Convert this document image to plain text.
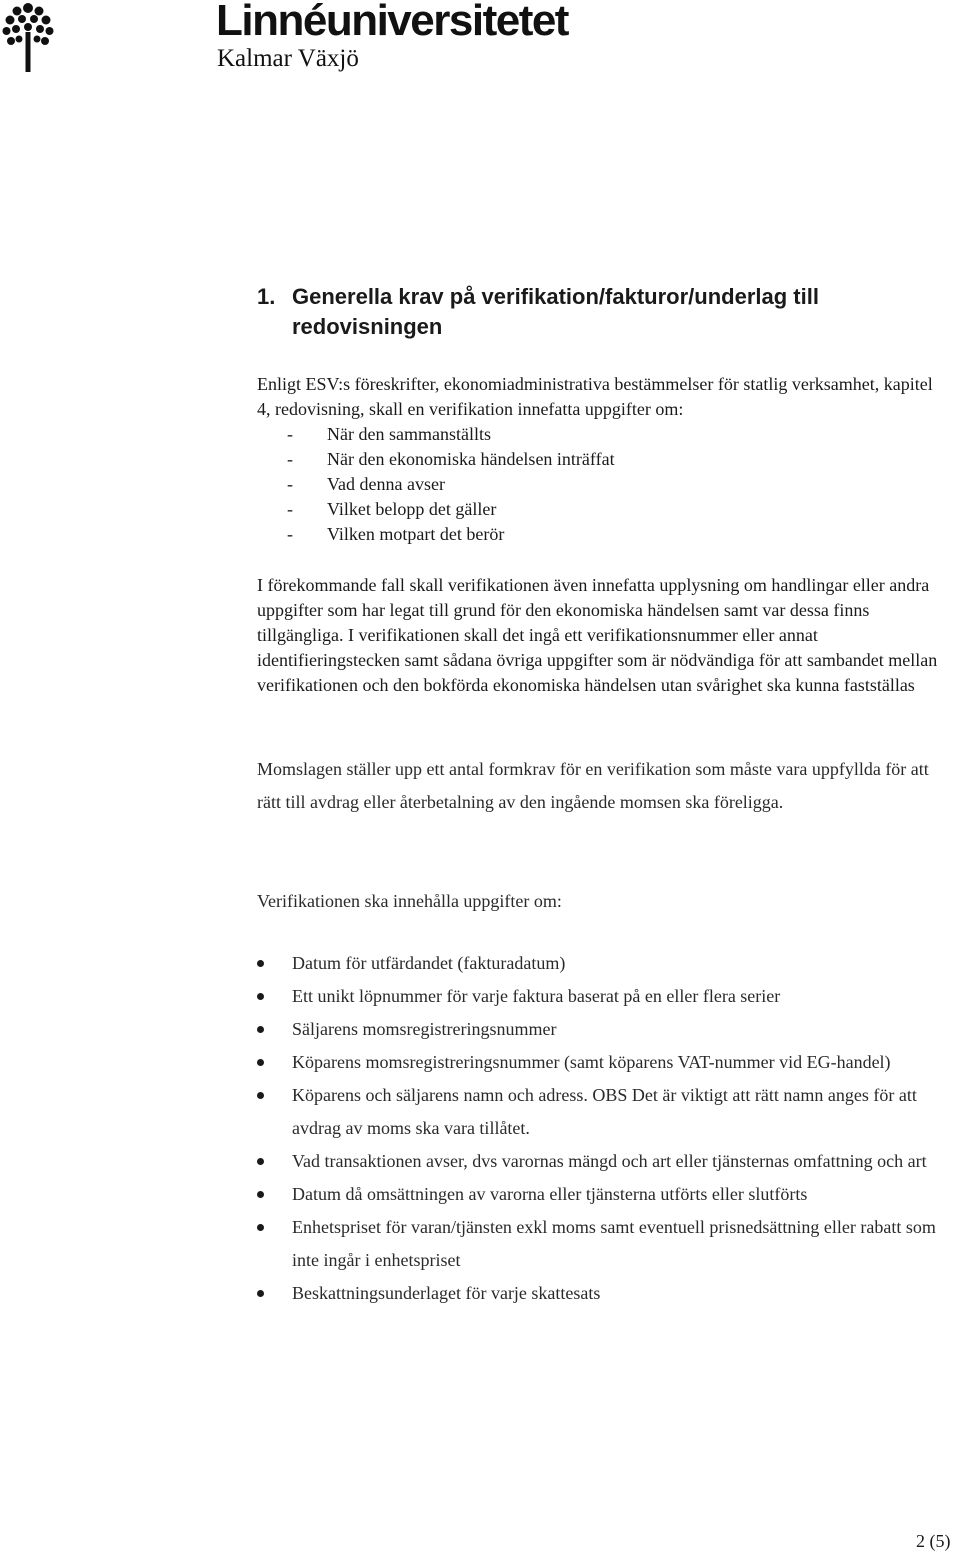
Linnéuniversitetet
Kalmar Växjö
1. Generella krav på verifikation/fakturor/underlag till redovisningen

Enligt ESV:s föreskrifter, ekonomiadministrativa bestämmelser för statlig verksamhet, kapitel 4, redovisning, skall en verifikation innefatta uppgifter om:

- När den sammanställts
- När den ekonomiska händelsen inträffat
- Vad denna avser
- Vilket belopp det gäller
- Vilken motpart det berör

I förekommande fall skall verifikationen även innefatta upplysning om handlingar eller andra uppgifter som har legat till grund för den ekonomiska händelsen samt var dessa finns tillgängliga. I verifikationen skall det ingå ett verifikationsnummer eller annat identifieringstecken samt sådana övriga uppgifter som är nödvändiga för att sambandet mellan verifikationen och den bokförda ekonomiska händelsen utan svårighet ska kunna fastställas

Momslagen ställer upp ett antal formkrav för en verifikation som måste vara uppfyllda för att rätt till avdrag eller återbetalning av den ingående momsen ska föreligga.

Verifikationen ska innehålla uppgifter om:

Datum för utfärdandet (fakturadatum)
Ett unikt löpnummer för varje faktura baserat på en eller flera serier
Säljarens momsregistreringsnummer
Köparens momsregistreringsnummer (samt köparens VAT-nummer vid EG-handel)
Köparens och säljarens namn och adress. OBS Det är viktigt att rätt namn anges för att avdrag av moms ska vara tillåtet.
Vad transaktionen avser, dvs varornas mängd och art eller tjänsternas omfattning och art
Datum då omsättningen av varorna eller tjänsterna utförts eller slutförts
Enhetspriset för varan/tjänsten exkl moms samt eventuell prisnedsättning eller rabatt som inte ingår i enhetspriset
Beskattningsunderlaget för varje skattesats
2 (5)
